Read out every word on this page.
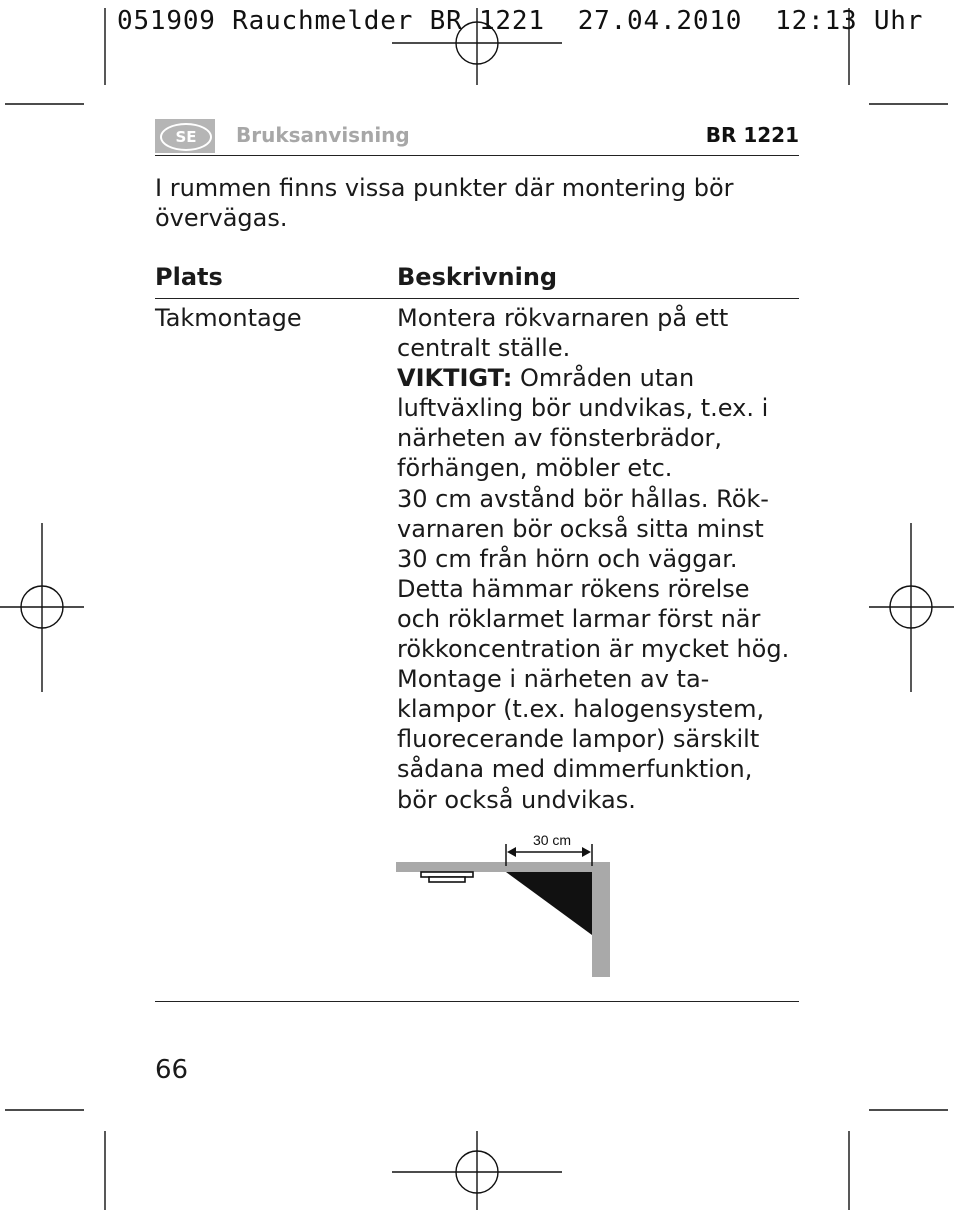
051909 Rauchmelder BR 1221  27.04.2010  12:13 Uhr
SE	Bruksanvisning	BR 1221
I rummen finns vissa punkter där montering bör övervägas.
Plats	Beskrivning
Takmontage	Montera rökvarnaren på ett centralt ställe.
VIKTIGT: Områden utan luftväxling bör undvikas, t.ex. i närheten av fönsterbrädor, förhängen, möbler etc.
30 cm avstånd bör hållas. Rök-varnaren bör också sitta minst 30 cm från hörn och väggar.
Detta hämmar rökens rörelse och röklarmet larmar först när rökkoncentration är mycket hög. Montage i närheten av ta-klampor (t.ex. halogensystem, fluorecerande lampor) särskilt sådana med dimmerfunktion, bör också undvikas.
30 cm
66
